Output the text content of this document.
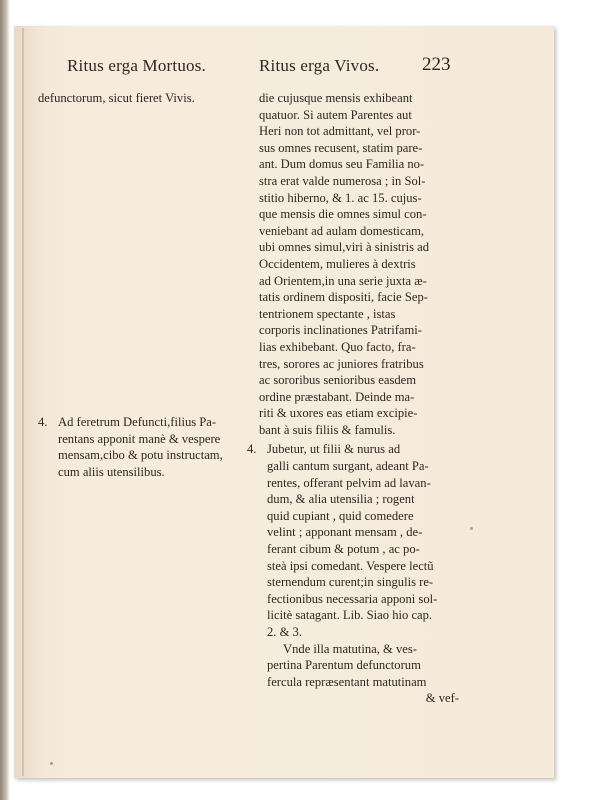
Ritus erga Mortuos.	Ritus erga Vivos. 223
defunctorum, sicut fieret Vivis.
4. Ad feretrum Defuncti,filius Pa-
rentans apponit manè & vespere
mensam,cibo & potu instructam,
cum aliis utensilibus.
die cujusque mensis exhibeant
quatuor. Si autem Parentes aut
Heri non tot admittant, vel pror-
sus omnes recusent, statim pare-
ant. Dum domus seu Familia no-
stra erat valde numerosa ; in Sol-
stitio hiberno, & 1. ac 15. cujus-
que mensis die omnes simul con-
veniebant ad aulam domesticam,
ubi omnes simul,viri à sinistris ad
Occidentem, mulieres à dextris
ad Orientem,in una serie juxta æ-
tatis ordinem dispositi, facie Sep-
tentrionem spectante , istas
corporis inclinationes Patrifami-
lias exhibebant. Quo facto, fra-
tres, sorores ac juniores fratribus
ac sororibus senioribus easdem
ordine præstabant. Deinde ma-
riti & uxores eas etiam excipie-
bant à suis filiis & famulis.
4. Jubetur, ut filii & nurus ad
galli cantum surgant, adeant Pa-
rentes, offerant pelvim ad lavan-
dum, & alia utensilia ; rogent
quid cupiant , quid comedere
velint ; apponant mensam , de-
ferant cibum & potum , ac po-
steà ipsi comedant. Vespere lectũ
sternendum curent;in singulis re-
fectionibus necessaria apponi sol-
licitè satagant. Lib. Siao hio cap.
2. & 3.
Vnde illa matutina, & ves-
pertina Parentum defunctorum
fercula repræsentant matutinam
& vef-
